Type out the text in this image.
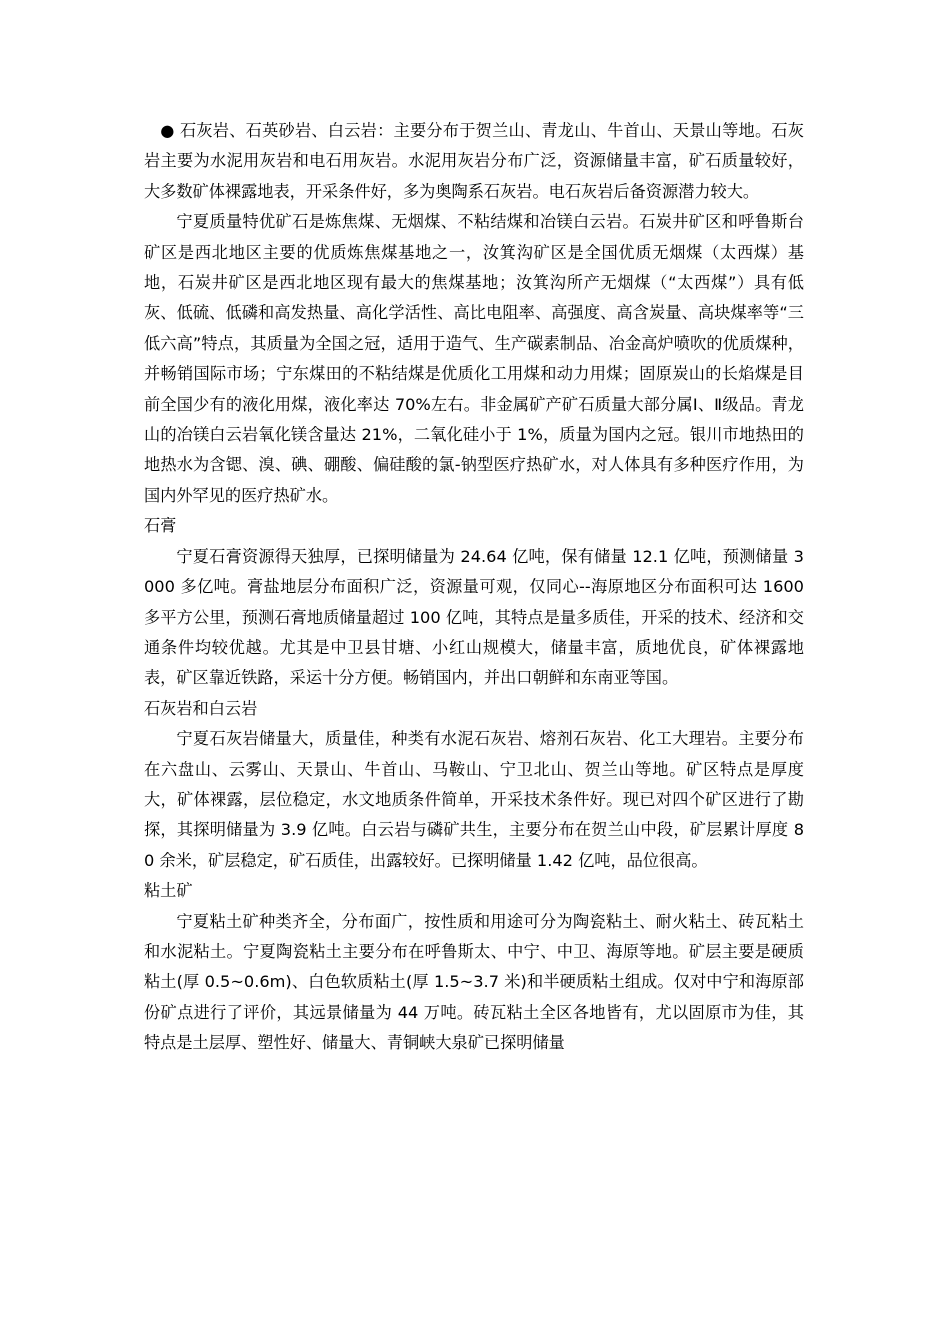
● 石灰岩、石英砂岩、白云岩：主要分布于贺兰山、青龙山、牛首山、天景山等地。石灰岩主要为水泥用灰岩和电石用灰岩。水泥用灰岩分布广泛，资源储量丰富，矿石质量较好，大多数矿体裸露地表，开采条件好，多为奥陶系石灰岩。电石灰岩后备资源潜力较大。

宁夏质量特优矿石是炼焦煤、无烟煤、不粘结煤和冶镁白云岩。石炭井矿区和呼鲁斯台矿区是西北地区主要的优质炼焦煤基地之一，汝箕沟矿区是全国优质无烟煤（太西煤）基地，石炭井矿区是西北地区现有最大的焦煤基地；汝箕沟所产无烟煤（“太西煤”）具有低灰、低硫、低磷和高发热量、高化学活性、高比电阻率、高强度、高含炭量、高块煤率等“三低六高”特点，其质量为全国之冠，适用于造气、生产碳素制品、冶金高炉喷吹的优质煤种，并畅销国际市场；宁东煤田的不粘结煤是优质化工用煤和动力用煤；固原炭山的长焰煤是目前全国少有的液化用煤，液化率达 70%左右。非金属矿产矿石质量大部分属Ⅰ、Ⅱ级品。青龙山的冶镁白云岩氧化镁含量达 21%，二氧化硅小于 1%，质量为国内之冠。银川市地热田的地热水为含锶、溴、碘、硼酸、偏硅酸的氯-钠型医疗热矿水，对人体具有多种医疗作用，为国内外罕见的医疗热矿水。

石膏

宁夏石膏资源得天独厚，已探明储量为 24.64 亿吨，保有储量 12.1 亿吨，预测储量 3000 多亿吨。膏盐地层分布面积广泛，资源量可观，仅同心--海原地区分布面积可达 1600 多平方公里，预测石膏地质储量超过 100 亿吨，其特点是量多质佳，开采的技术、经济和交通条件均较优越。尤其是中卫县甘塘、小红山规模大，储量丰富，质地优良，矿体裸露地表，矿区靠近铁路，采运十分方便。畅销国内，并出口朝鲜和东南亚等国。

石灰岩和白云岩

宁夏石灰岩储量大，质量佳，种类有水泥石灰岩、熔剂石灰岩、化工大理岩。主要分布在六盘山、云雾山、天景山、牛首山、马鞍山、宁卫北山、贺兰山等地。矿区特点是厚度大，矿体裸露，层位稳定，水文地质条件简单，开采技术条件好。现已对四个矿区进行了勘探，其探明储量为 3.9 亿吨。白云岩与磷矿共生，主要分布在贺兰山中段，矿层累计厚度 80 余米，矿层稳定，矿石质佳，出露较好。已探明储量 1.42 亿吨，品位很高。

粘土矿

宁夏粘土矿种类齐全，分布面广，按性质和用途可分为陶瓷粘土、耐火粘土、砖瓦粘土和水泥粘土。宁夏陶瓷粘土主要分布在呼鲁斯太、中宁、中卫、海原等地。矿层主要是硬质粘土(厚 0.5~0.6m)、白色软质粘土(厚 1.5~3.7 米)和半硬质粘土组成。仅对中宁和海原部份矿点进行了评价，其远景储量为 44 万吨。砖瓦粘土全区各地皆有，尤以固原市为佳，其特点是土层厚、塑性好、储量大、青铜峡大泉矿已探明储量
